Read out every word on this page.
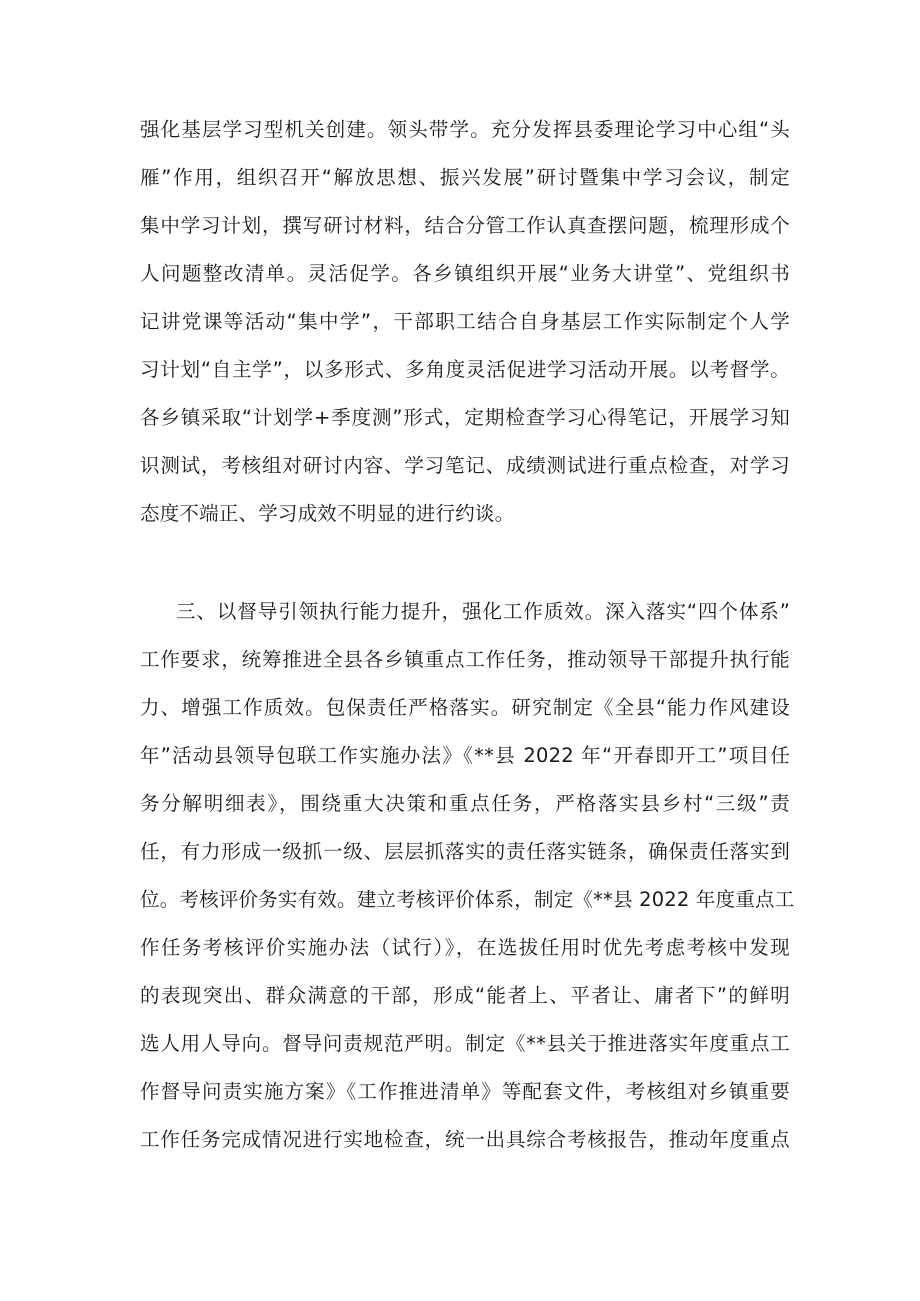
强化基层学习型机关创建。领头带学。充分发挥县委理论学习中心组“头
雁”作用，组织召开“解放思想、振兴发展”研讨暨集中学习会议，制定
集中学习计划，撰写研讨材料，结合分管工作认真查摆问题，梳理形成个
人问题整改清单。灵活促学。各乡镇组织开展“业务大讲堂”、党组织书
记讲党课等活动“集中学”，干部职工结合自身基层工作实际制定个人学
习计划“自主学”，以多形式、多角度灵活促进学习活动开展。以考督学。
各乡镇采取“计划学+季度测”形式，定期检查学习心得笔记，开展学习知
识测试，考核组对研讨内容、学习笔记、成绩测试进行重点检查，对学习
态度不端正、学习成效不明显的进行约谈。
三、以督导引领执行能力提升，强化工作质效。深入落实“四个体系”
工作要求，统筹推进全县各乡镇重点工作任务，推动领导干部提升执行能
力、增强工作质效。包保责任严格落实。研究制定《全县“能力作风建设
年”活动县领导包联工作实施办法》《**县 2022 年“开春即开工”项目任
务分解明细表》，围绕重大决策和重点任务，严格落实县乡村“三级”责
任，有力形成一级抓一级、层层抓落实的责任落实链条，确保责任落实到
位。考核评价务实有效。建立考核评价体系，制定《**县 2022 年度重点工
作任务考核评价实施办法（试行）》，在选拔任用时优先考虑考核中发现
的表现突出、群众满意的干部，形成“能者上、平者让、庸者下”的鲜明
选人用人导向。督导问责规范严明。制定《**县关于推进落实年度重点工
作督导问责实施方案》《工作推进清单》等配套文件，考核组对乡镇重要
工作任务完成情况进行实地检查，统一出具综合考核报告，推动年度重点
